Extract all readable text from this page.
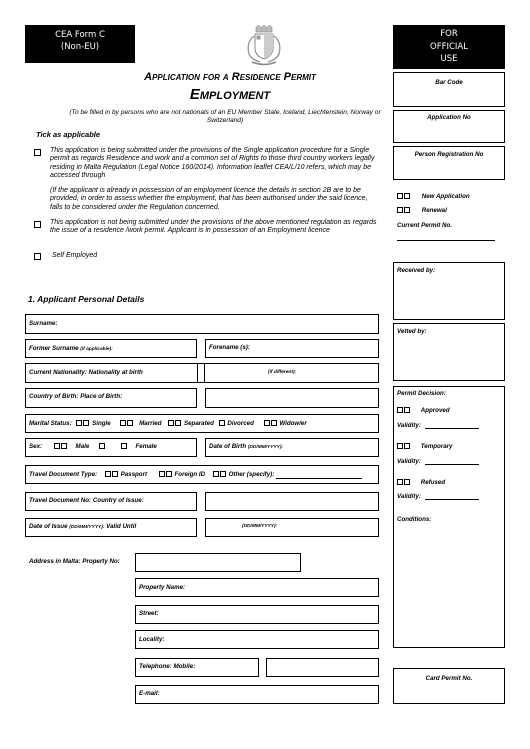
CEA Form C
(Non-EU)
FOR
OFFICIAL
USE
Application for a Residence Permit
Employment
(To be filled in by persons who are not nationals of an EU Member State, Iceland, Liechtenstein, Norway or Switzerland)
Tick as applicable
This application is being submitted under the provisions of the Single application procedure for a Single permit as regards Residence and work and a common set of Rights to those third country workers legally residing in Malta Regulation (Legal Notice 160/2014). Information leaflet CEA/L/10 refers, which may be accessed through
(If the applicant is already in possession of an employment licence the details in section 2B are to be provided, in order to assess whether the employment, that has been authorised under the said licence, falls to be considered under the Regulation concerned.
This application is not being submitted under the provisions of the above mentioned regulation as regards the issue of a residence /work permit. Applicant is in possession of an Employment licence
Self Employed
1. Applicant Personal Details
Surname:
Former Surname (if applicable):	Forename (s):
Current Nationality: Nationality at birth	(if different):
Country of Birth: Place of Birth:
Marital Status:	Single	Married	Separated Divorced	Widow/er
Sex:	Male	Female	Date of Birth (DD/MM/YYYY):
Travel Document Type:	Passport	Foreign ID	Other (specify):
Travel Document No: Country of Issue:
Date of Issue (DD/MM/YYYY): Valid Until	(DD/MM/YYYY):
Address in Malta: Property No:
Property Name:
Street:
Locality:
Telephone: Mobile:
E-mail:
Bar Code
Application No
Person Registration No
New Application
Renewal
Current Permit No.
Received by:
Vetted by:
Permit Decision:
Approved
Validity:
Temporary
Validity:
Refused
Validity:
Conditions:
Card Permit No.
